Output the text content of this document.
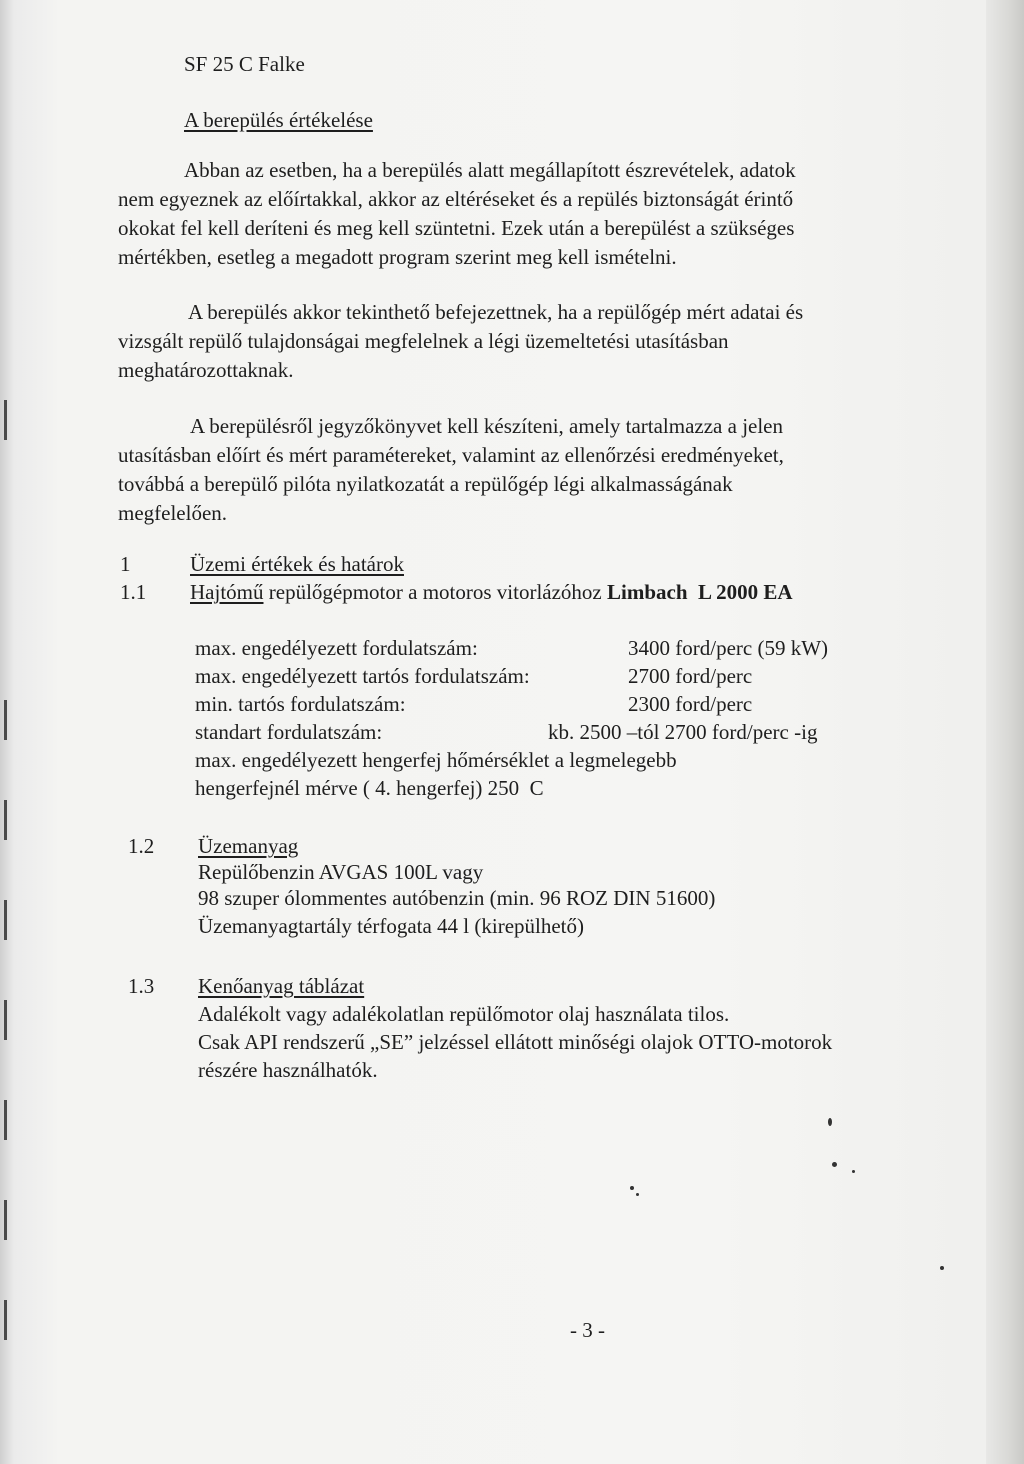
SF 25 C Falke
A berepülés értékelése
Abban az esetben, ha a berepülés alatt megállapított észrevételek, adatok
nem egyeznek az előírtakkal, akkor az eltéréseket és a repülés biztonságát érintő
okokat fel kell deríteni és meg kell szüntetni. Ezek után a berepülést a szükséges
mértékben, esetleg a megadott program szerint meg kell ismételni.
A berepülés akkor tekinthető befejezettnek, ha a repülőgép mért adatai és
vizsgált repülő tulajdonságai megfelelnek a légi üzemeltetési utasításban
meghatározottaknak.
A berepülésről jegyzőkönyvet kell készíteni, amely tartalmazza a jelen
utasításban előírt és mért paramétereket, valamint az ellenőrzési eredményeket,
továbbá a berepülő pilóta nyilatkozatát a repülőgép légi alkalmasságának
megfelelően.
1	Üzemi értékek és határok
1.1 Hajtómű repülőgépmotor a motoros vitorlázóhoz Limbach  L 2000 EA
max. engedélyezett fordulatszám:	3400 ford/perc (59 kW)
max. engedélyezett tartós fordulatszám:	2700 ford/perc
min. tartós fordulatszám:	2300 ford/perc
standart fordulatszám:	kb. 2500 –tól 2700 ford/perc -ig
max. engedélyezett hengerfej hőmérséklet a legmelegebb
hengerfejnél mérve ( 4. hengerfej) 250  C
1.2 Üzemanyag
Repülőbenzin AVGAS 100L vagy
98 szuper ólommentes autóbenzin (min. 96 ROZ DIN 51600)
Üzemanyagtartály térfogata 44 l (kirepülhető)
1.3 Kenőanyag táblázat
Adalékolt vagy adalékolatlan repülőmotor olaj használata tilos.
Csak API rendszerű „SE” jelzéssel ellátott minőségi olajok OTTO-motorok
részére használhatók.
- 3 -
